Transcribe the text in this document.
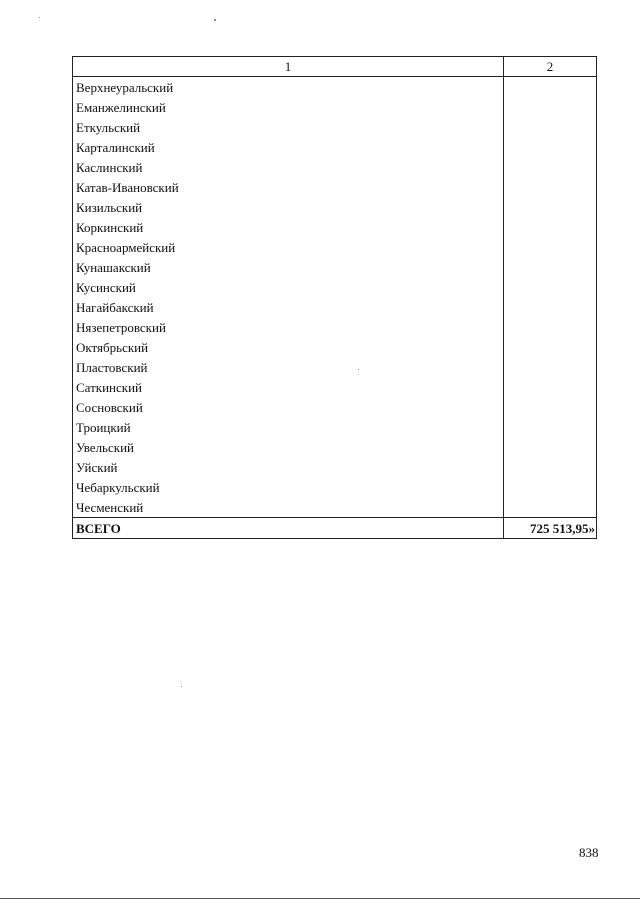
1	2
Верхнеуральский	
Еманжелинский	
Еткульский	
Карталинский	
Каслинский	
Катав-Ивановский	
Кизильский	
Коркинский	
Красноармейский	
Кунашакский	
Кусинский	
Нагайбакский	
Нязепетровский	
Октябрьский	
Пластовский	
Саткинский	
Сосновский	
Троицкий	
Увельский	
Уйский	
Чебаркульский	
Чесменский	
ВСЕГО	725 513,95»
838
